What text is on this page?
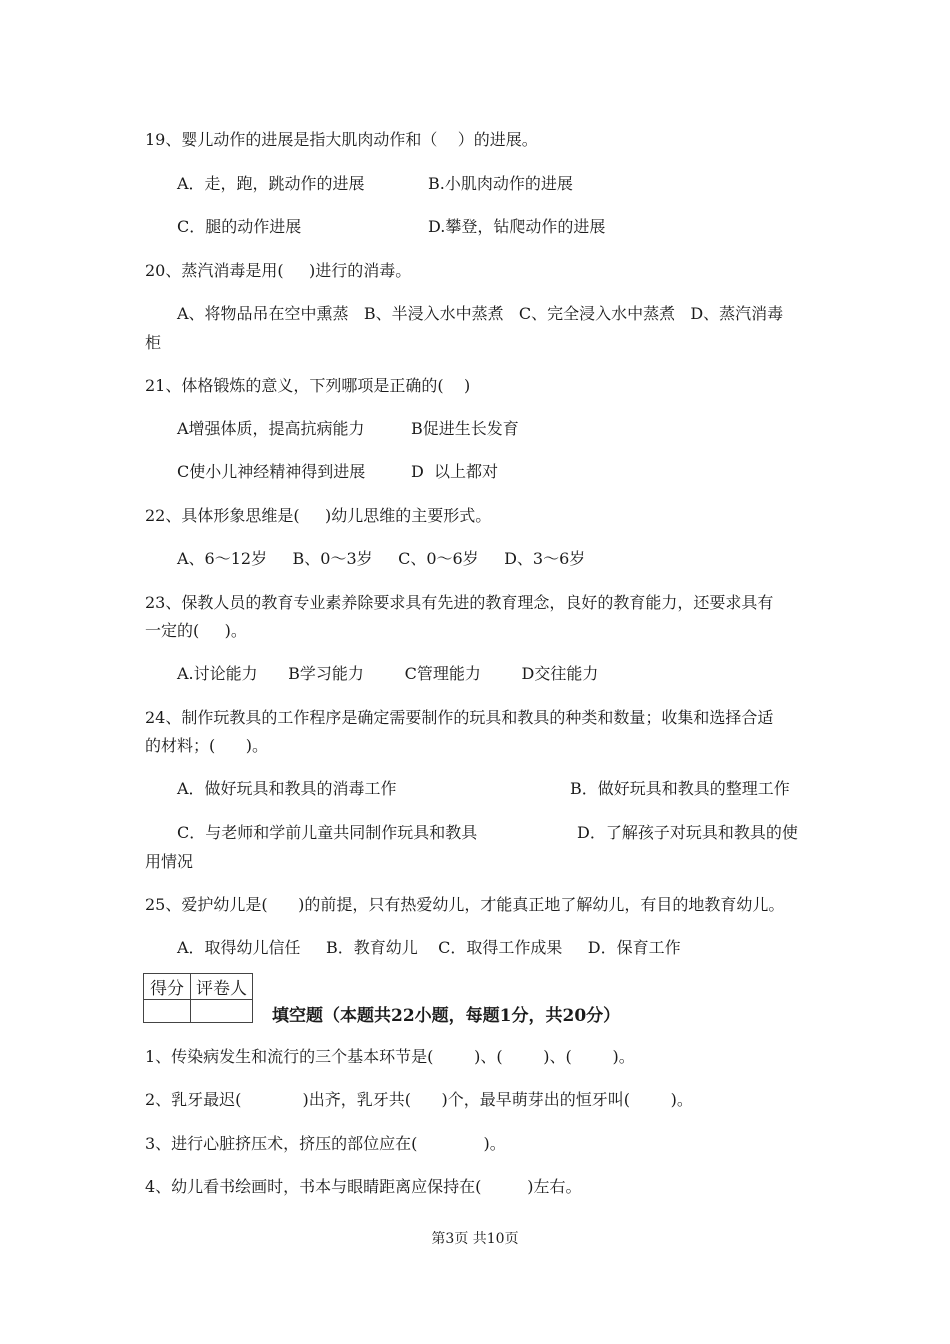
19、婴儿动作的进展是指大肌肉动作和（    ）的进展。
A．走，跑，跳动作的进展	B.小肌肉动作的进展
C．腿的动作进展	D.攀登，钻爬动作的进展
20、蒸汽消毒是用(     )进行的消毒。
A、将物品吊在空中熏蒸   B、半浸入水中蒸煮   C、完全浸入水中蒸煮   D、蒸汽消毒
柜
21、体格锻炼的意义，下列哪项是正确的(    )
A增强体质，提高抗病能力	B促进生长发育
C使小儿神经精神得到进展	D  以上都对
22、具体形象思维是(     )幼儿思维的主要形式。
A、6～12岁     B、0～3岁     C、0～6岁     D、3～6岁
23、保教人员的教育专业素养除要求具有先进的教育理念，良好的教育能力，还要求具有
一定的(     )。
A.讨论能力      B学习能力        C管理能力        D交往能力
24、制作玩教具的工作程序是确定需要制作的玩具和教具的种类和数量；收集和选择合适
的材料；(      )。
A．做好玩具和教具的消毒工作	B．做好玩具和教具的整理工作
C．与老师和学前儿童共同制作玩具和教具	D．了解孩子对玩具和教具的使
用情况
25、爱护幼儿是(      )的前提，只有热爱幼儿，才能真正地了解幼儿，有目的地教育幼儿。
A．取得幼儿信任     B．教育幼儿    C．取得工作成果     D．保育工作
得分	评卷人

填空题（本题共22小题，每题1分，共20分）
1、传染病发生和流行的三个基本环节是(        )、(        )、(        )。
2、乳牙最迟(            )出齐，乳牙共(      )个，最早萌芽出的恒牙叫(        )。
3、进行心脏挤压术，挤压的部位应在(             )。
4、幼儿看书绘画时，书本与眼睛距离应保持在(         )左右。
第3页 共10页
